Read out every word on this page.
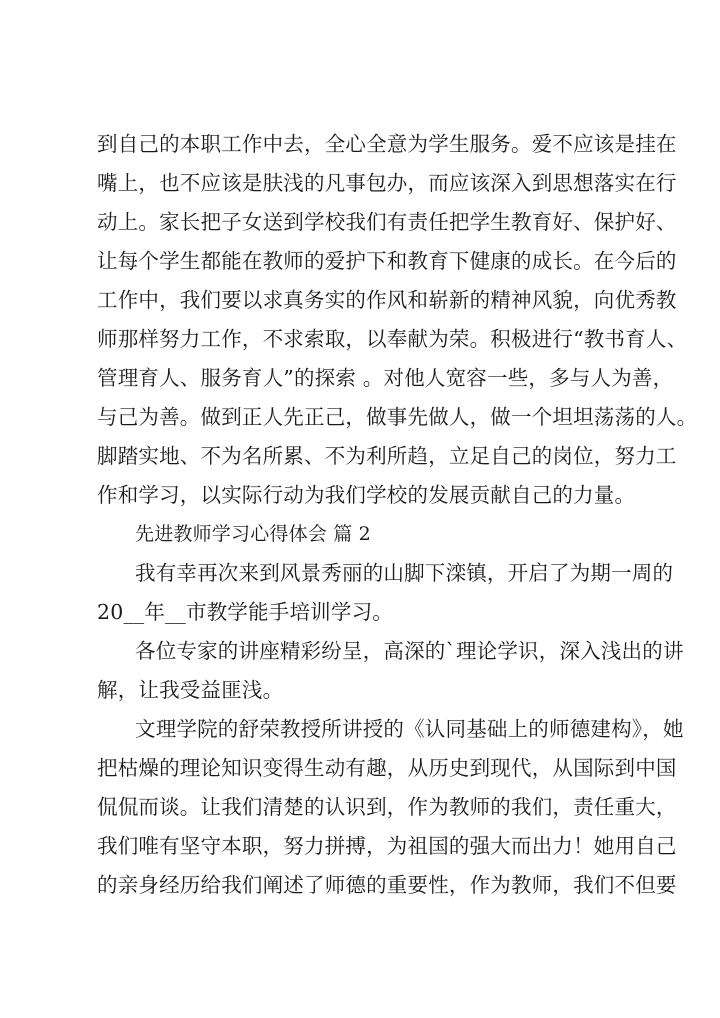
到自己的本职工作中去，全心全意为学生服务。爱不应该是挂在
嘴上，也不应该是肤浅的凡事包办，而应该深入到思想落实在行
动上。家长把子女送到学校我们有责任把学生教育好、保护好、
让每个学生都能在教师的爱护下和教育下健康的成长。在今后的
工作中，我们要以求真务实的作风和崭新的精神风貌，向优秀教
师那样努力工作，不求索取，以奉献为荣。积极进行“教书育人、
管理育人、服务育人”的探索 。对他人宽容一些，多与人为善，
与己为善。做到正人先正己，做事先做人，做一个坦坦荡荡的人。
脚踏实地、不为名所累、不为利所趋，立足自己的岗位，努力工
作和学习，以实际行动为我们学校的发展贡献自己的力量。
先进教师学习心得体会 篇 2
我有幸再次来到风景秀丽的山脚下滦镇，开启了为期一周的
20__年__市教学能手培训学习。
各位专家的讲座精彩纷呈，高深的`理论学识，深入浅出的讲
解，让我受益匪浅。
文理学院的舒荣教授所讲授的《认同基础上的师德建构》，她
把枯燥的理论知识变得生动有趣，从历史到现代，从国际到中国
侃侃而谈。让我们清楚的认识到，作为教师的我们，责任重大，
我们唯有坚守本职，努力拼搏，为祖国的强大而出力！她用自己
的亲身经历给我们阐述了师德的重要性，作为教师，我们不但要
